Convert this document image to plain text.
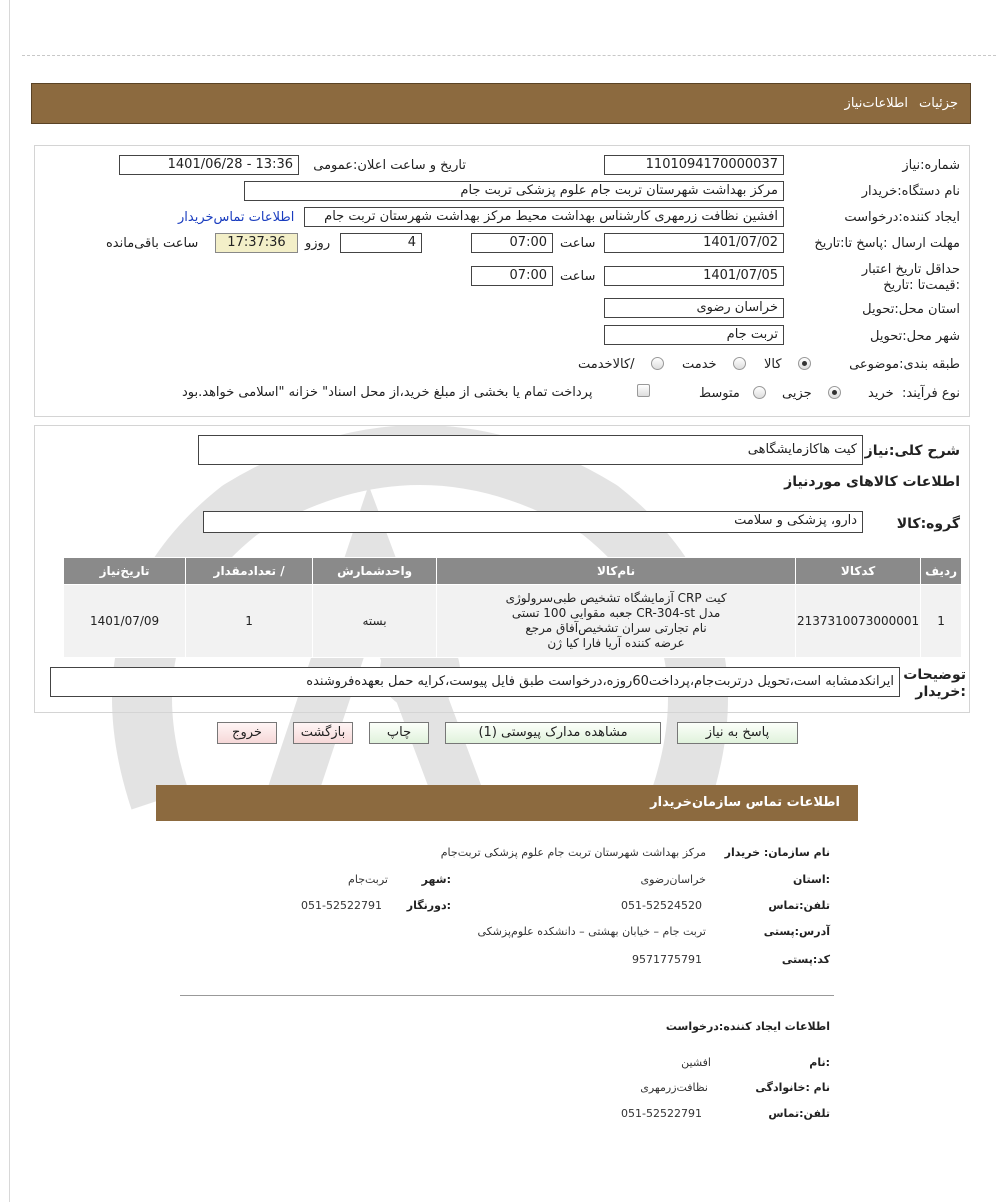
اطلاعات‌نیاز جزئیات
شماره:نیاز
1101094170000037
تاریخ و ساعت اعلان:عمومی
1401/06/28 - 13:36
نام دستگاه:خریدار
مرکز بهداشت شهرستان تربت جام علوم پزشکی تربت جام
ایجاد کننده:درخواست
افشین نظافت زرمهری کارشناس بهداشت محیط مرکز بهداشت شهرستان تربت جام
اطلاعات تماس‌خریدار
مهلت ارسال :پاسخ تا:تاریخ
1401/07/02
ساعت
07:00
4
روزو
17:37:36
ساعت باقی‌مانده
حداقل تاریخ اعتبار :قیمت‌تا :تاریخ
1401/07/05
ساعت
07:00
استان محل:تحویل
خراسان رضوی
شهر محل:تحویل
تربت جام
طبقه بندی:موضوعی
کالا
خدمت
/کالاخدمت
نوع فرآیند:
خرید
جزیی
متوسط
پرداخت تمام یا بخشی از مبلغ خرید،از محل اسناد" خزانه "اسلامی خواهد.بود
شرح کلی:نیاز
کیت هاکازمایشگاهی
اطلاعات کالاهای موردنیاز
گروه:کالا
دارو، پزشکی و سلامت
ردیف	کدکالا	نام‌کالا	واحدشمارش	/ تعدادمقدار	تاریخ‌نیاز
1	2137310073000001	کیت CRP آزمایشگاه تشخیص طبی‌سرولوژی
مدل CR-304-st جعبه مقوایی 100 تستی
نام تجارتی سران تشخیص‌آفاق مرجع
عرضه کننده آریا فارا کیا ژن	بسته	1	1401/07/09
توضیحات :خریدار
ایرانکدمشابه است،تحویل درتربت‌جام،پرداخت60روزه،درخواست طبق فایل پیوست،کرایه حمل بعهده‌فروشنده
پاسخ به نیاز
مشاهده مدارک پیوستی (1)
چاپ
بازگشت
خروج
اطلاعات تماس سازمان‌خریدار
نام سازمان: خریدار
مرکز بهداشت شهرستان تربت جام علوم پزشکی تربت‌جام
:استان
خراسان‌رضوی
:شهر
تربت‌جام
تلفن:تماس
051-52524520
:دورنگار
051-52522791
آدرس:پستی
تربت جام – خیابان بهشتی – دانشکده علوم‌پزشکی
کد:پستی
9571775791
اطلاعات ایجاد کننده:درخواست
:نام
افشین
نام :خانوادگی
نظافت‌زرمهری
تلفن:تماس
051-52522791
